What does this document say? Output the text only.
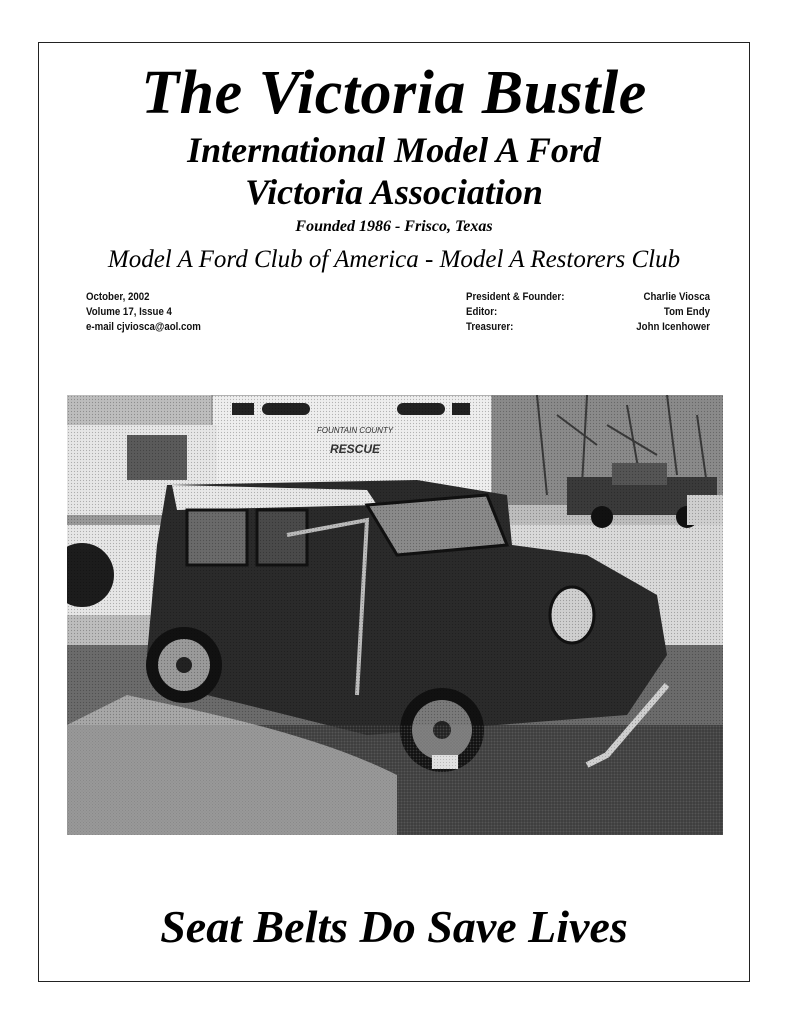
The Victoria Bustle
International Model A Ford
Victoria Association
Founded 1986 - Frisco, Texas
Model A Ford Club of America - Model A Restorers Club
October, 2002
Volume 17, Issue 4
e-mail cjviosca@aol.com
President & Founder:
Editor:
Treasurer:
Charlie Viosca
Tom Endy
John Icenhower
Seat Belts Do Save Lives
